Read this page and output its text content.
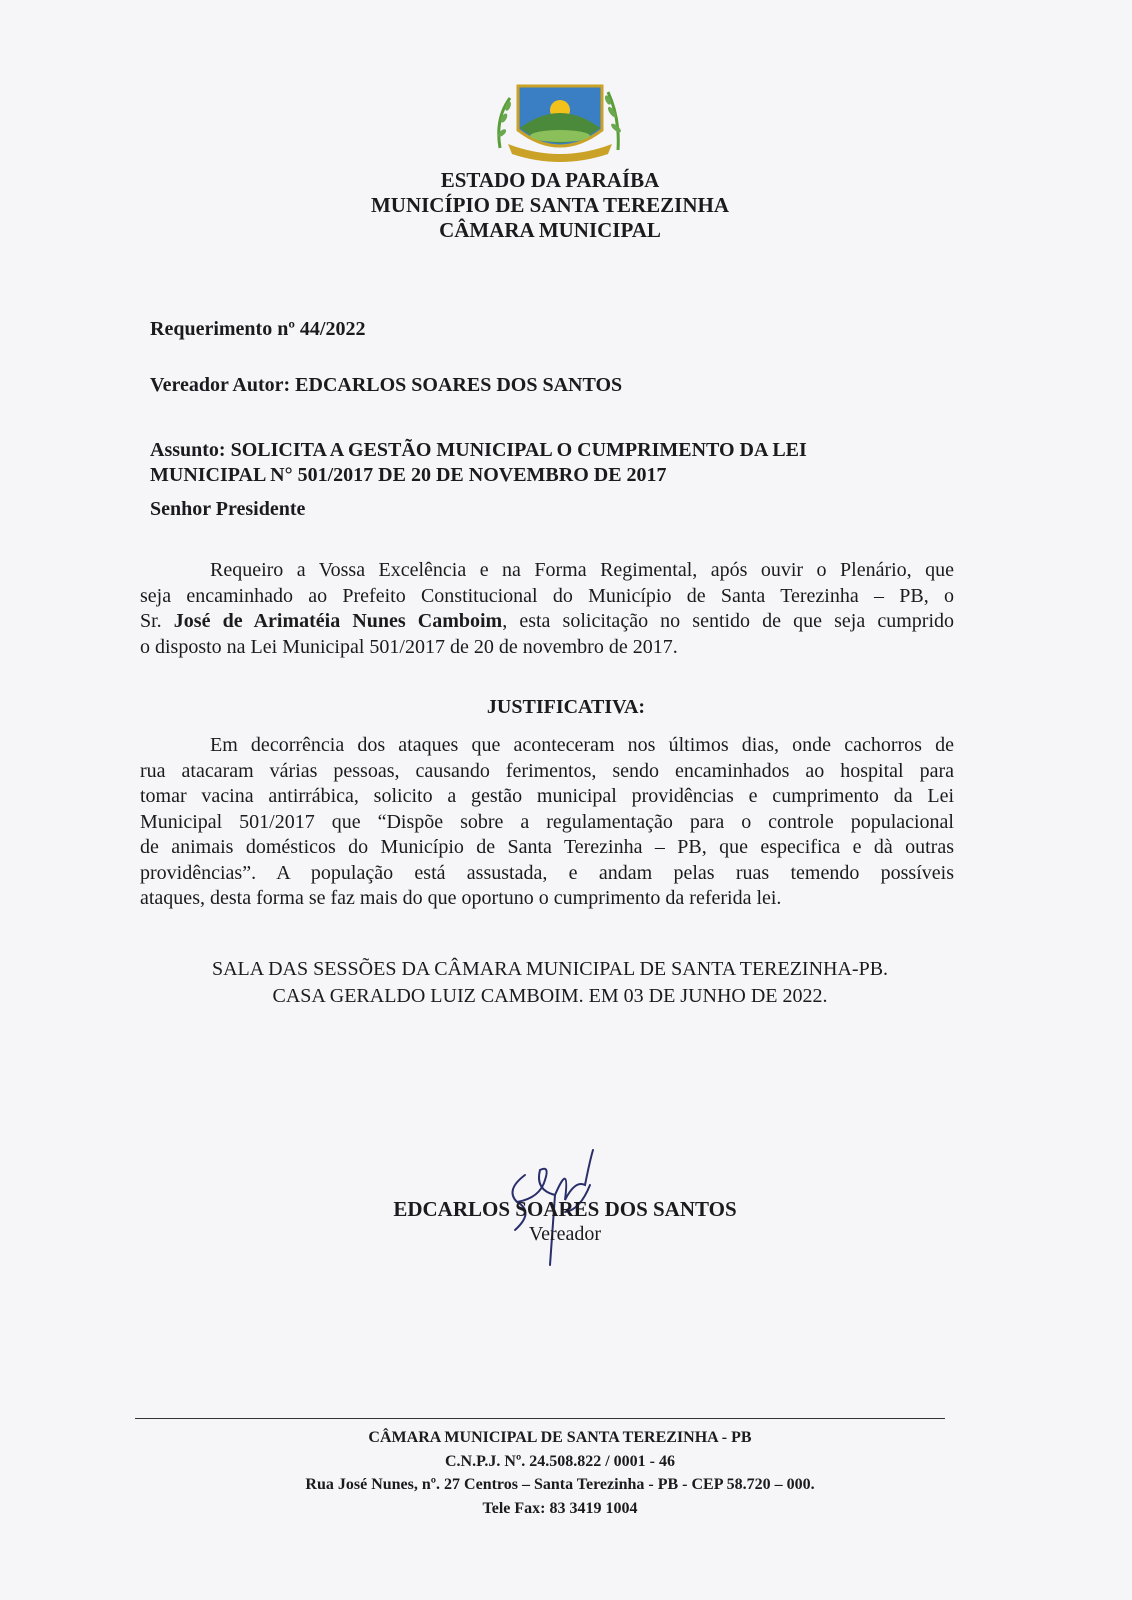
ESTADO DA PARAÍBA
MUNICÍPIO DE SANTA TEREZINHA
CÂMARA MUNICIPAL
Requerimento nº 44/2022
Vereador Autor: EDCARLOS SOARES DOS SANTOS
Assunto: SOLICITA A GESTÃO MUNICIPAL O CUMPRIMENTO DA LEI
MUNICIPAL N° 501/2017 DE 20 DE NOVEMBRO DE 2017
Senhor Presidente
Requeiro a Vossa Excelência e na Forma Regimental, após ouvir o Plenário, que
seja encaminhado ao Prefeito Constitucional do Município de Santa Terezinha – PB, o
Sr. José de Arimatéia Nunes Camboim, esta solicitação no sentido de que seja cumprido
o disposto na Lei Municipal 501/2017 de 20 de novembro de 2017.
JUSTIFICATIVA:
Em decorrência dos ataques que aconteceram nos últimos dias, onde cachorros de
rua atacaram várias pessoas, causando ferimentos, sendo encaminhados ao hospital para
tomar vacina antirrábica, solicito a gestão municipal providências e cumprimento da Lei
Municipal 501/2017 que “Dispõe sobre a regulamentação para o controle populacional
de animais domésticos do Município de Santa Terezinha – PB, que especifica e dà outras
providências”. A população está assustada, e andam pelas ruas temendo possíveis
ataques, desta forma se faz mais do que oportuno o cumprimento da referida lei.
SALA DAS SESSÕES DA CÂMARA MUNICIPAL DE SANTA TEREZINHA-PB.
CASA GERALDO LUIZ CAMBOIM. EM 03 DE JUNHO DE 2022.
EDCARLOS SOARES DOS SANTOS
Vereador
CÂMARA MUNICIPAL DE SANTA TEREZINHA - PB
C.N.P.J. Nº. 24.508.822 / 0001 - 46
Rua José Nunes, nº. 27 Centros – Santa Terezinha - PB - CEP 58.720 – 000.
Tele Fax: 83 3419 1004
